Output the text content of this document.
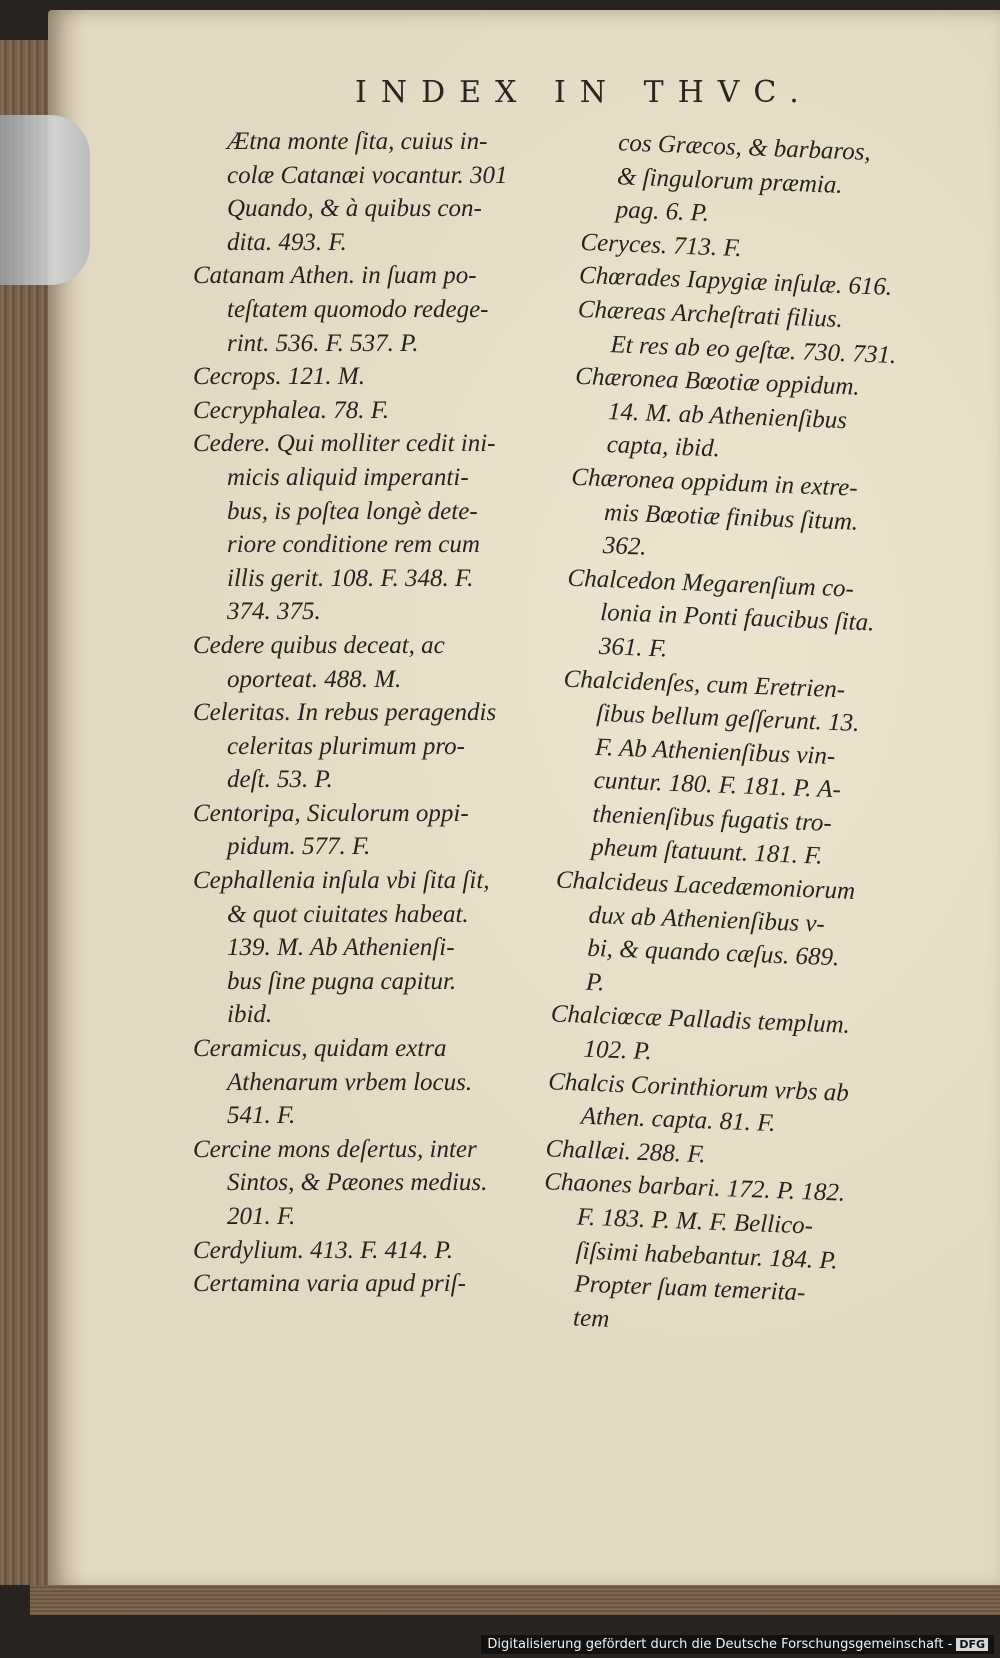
INDEX IN THVC.
Ætna monte ſita, cuius in-
colæ Catanæi vocantur. 301
Quando, & à quibus con-
dita. 493. F.
Catanam Athen. in ſuam po-
teſtatem quomodo redege-
rint. 536. F. 537. P.
Cecrops. 121. M.
Cecryphalea. 78. F.
Cedere. Qui molliter cedit ini-
micis aliquid imperanti-
bus, is poſtea longè dete-
riore conditione rem cum
illis gerit. 108. F. 348. F.
374. 375.
Cedere quibus deceat, ac
oporteat. 488. M.
Celeritas. In rebus peragendis
celeritas plurimum pro-
deſt. 53. P.
Centoripa, Siculorum oppi-
pidum. 577. F.
Cephallenia inſula vbi ſita ſit,
& quot ciuitates habeat.
139. M. Ab Athenienſi-
bus ſine pugna capitur.
ibid.
Ceramicus, quidam extra
Athenarum vrbem locus.
541. F.
Cercine mons deſertus, inter
Sintos, & Pæones medius.
201. F.
Cerdylium. 413. F. 414. P.
Certamina varia apud priſ-
cos Græcos, & barbaros,
& ſingulorum præmia.
pag. 6. P.
Ceryces. 713. F.
Chœrades Iapygiæ inſulæ. 616.
Chæreas Archeſtrati filius.
Et res ab eo geſtæ. 730. 731.
Chæronea Bœotiæ oppidum.
14. M. ab Athenienſibus
capta, ibid.
Chæronea oppidum in extre-
mis Bœotiæ finibus ſitum.
362.
Chalcedon Megarenſium co-
lonia in Ponti faucibus ſita.
361. F.
Chalcidenſes, cum Eretrien-
ſibus bellum geſſerunt. 13.
F. Ab Athenienſibus vin-
cuntur. 180. F. 181. P. A-
thenienſibus fugatis tro-
pheum ſtatuunt. 181. F.
Chalcideus Lacedæmoniorum
dux ab Athenienſibus v-
bi, & quando cæſus. 689.
P.
Chalciœcæ Palladis templum.
102. P.
Chalcis Corinthiorum vrbs ab
Athen. capta. 81. F.
Challæi. 288. F.
Chaones barbari. 172. P. 182.
F. 183. P. M. F. Bellico-
ſiſsimi habebantur. 184. P.
Propter ſuam temerita-
tem
Digitalisierung gefördert durch die Deutsche Forschungsgemeinschaft - DFG
